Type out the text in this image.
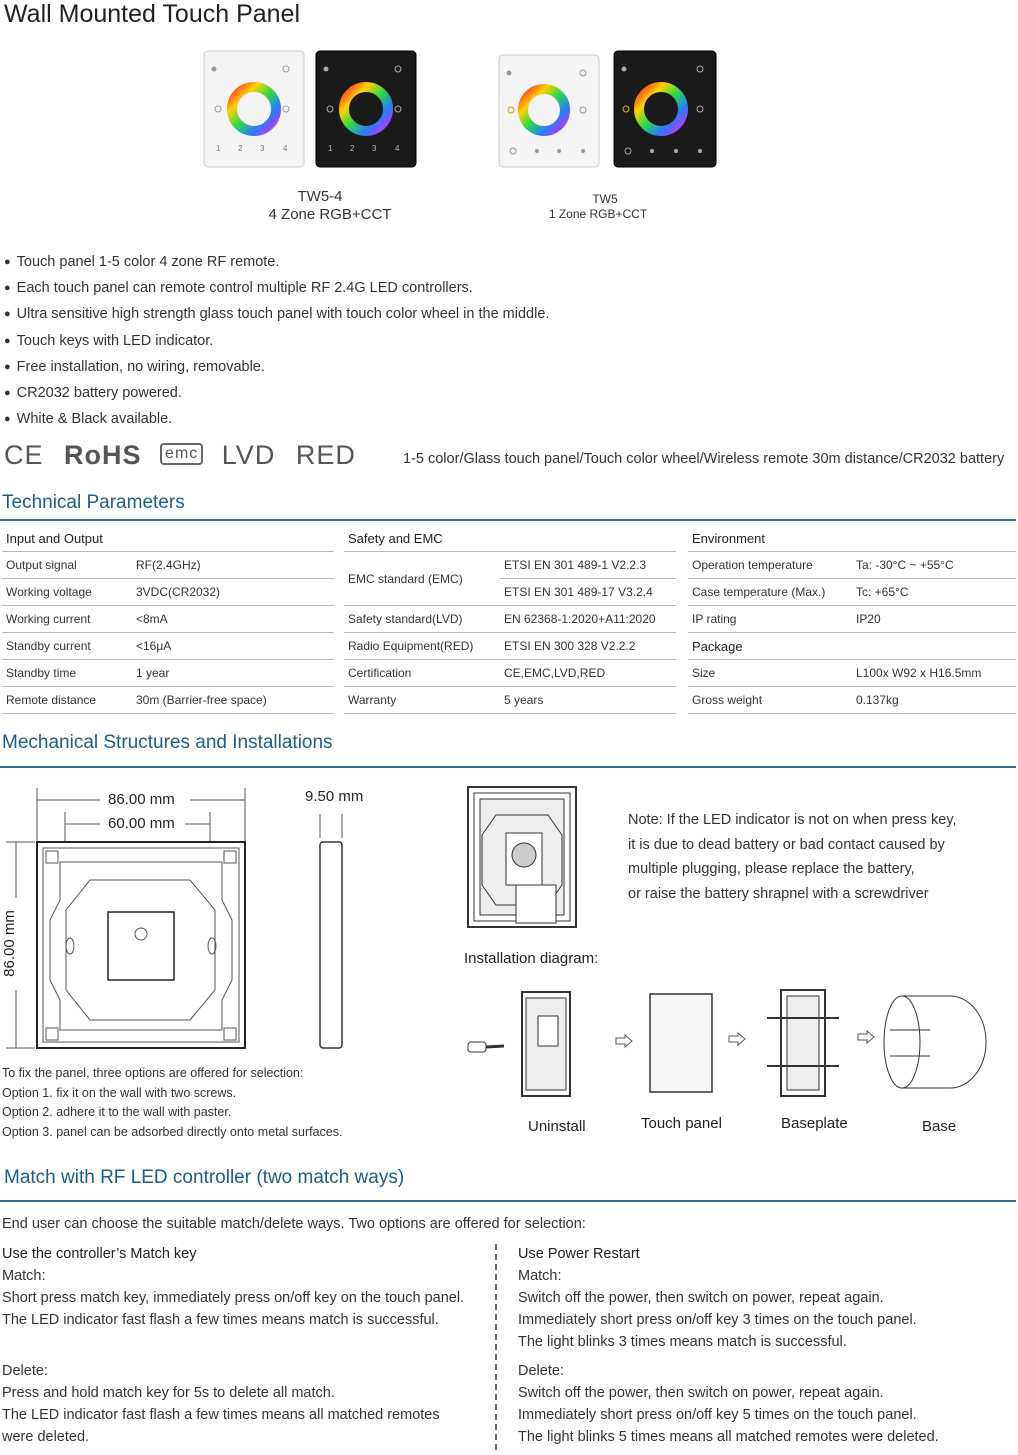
Wall Mounted Touch Panel
1 2 3 4	1 2 3 4
TW5-4
4 Zone RGB+CCT
TW5
1 Zone RGB+CCT
● Touch panel 1-5 color 4 zone RF remote.
● Each touch panel can remote control multiple RF 2.4G LED controllers.
● Ultra sensitive high strength glass touch panel with touch color wheel in the middle.
● Touch keys with LED indicator.
● Free installation, no wiring, removable.
● CR2032 battery powered.
● White & Black available.
CE RoHS emc LVD RED	1-5 color/Glass touch panel/Touch color wheel/Wireless remote 30m distance/CR2032 battery
Technical Parameters
Input and Output	
Output signal	RF(2.4GHz)
Working voltage	3VDC(CR2032)
Working current	<8mA
Standby current	<16μA
Standby time	1 year
Remote distance	30m (Barrier-free space)
Safety and EMC	
EMC standard (EMC)	ETSI EN 301 489-1 V2.2.3
	ETSI EN 301 489-17 V3.2.4
Safety standard(LVD)	EN 62368-1:2020+A11:2020
Radio Equipment(RED)	ETSI EN 300 328 V2.2.2
Certification	CE,EMC,LVD,RED
Warranty	5 years
Environment	
Operation temperature	Ta: -30°C ~ +55°C
Case temperature (Max.)	Tc: +65°C
IP rating	IP20
Package	
Size	L100x W92 x H16.5mm
Gross weight	0.137kg
Mechanical Structures and Installations
86.00 mm
60.00 mm
86.00 mm
9.50 mm
To fix the panel, three options are offered for selection:
Option 1. fix it on the wall with two screws.
Option 2. adhere it to the wall with paster.
Option 3. panel can be adsorbed directly onto metal surfaces.
Note: If the LED indicator is not on when press key,
it is due to dead battery or bad contact caused by
multiple plugging, please replace the battery,
or raise the battery shrapnel with a screwdriver
Installation diagram:
Uninstall	Touch panel	Baseplate	Base
Match with RF LED controller (two match ways)
End user can choose the suitable match/delete ways. Two options are offered for selection:
Use the controller’s Match key
Match:
Short press match key, immediately press on/off key on the touch panel.
The LED indicator fast flash a few times means match is successful.
Delete:
Press and hold match key for 5s to delete all match.
The LED indicator fast flash a few times means all matched remotes
were deleted.
Use Power Restart
Match:
Switch off the power, then switch on power, repeat again.
Immediately short press on/off key 3 times on the touch panel.
The light blinks 3 times means match is successful.
Delete:
Switch off the power, then switch on power, repeat again.
Immediately short press on/off key 5 times on the touch panel.
The light blinks 5 times means all matched remotes were deleted.
